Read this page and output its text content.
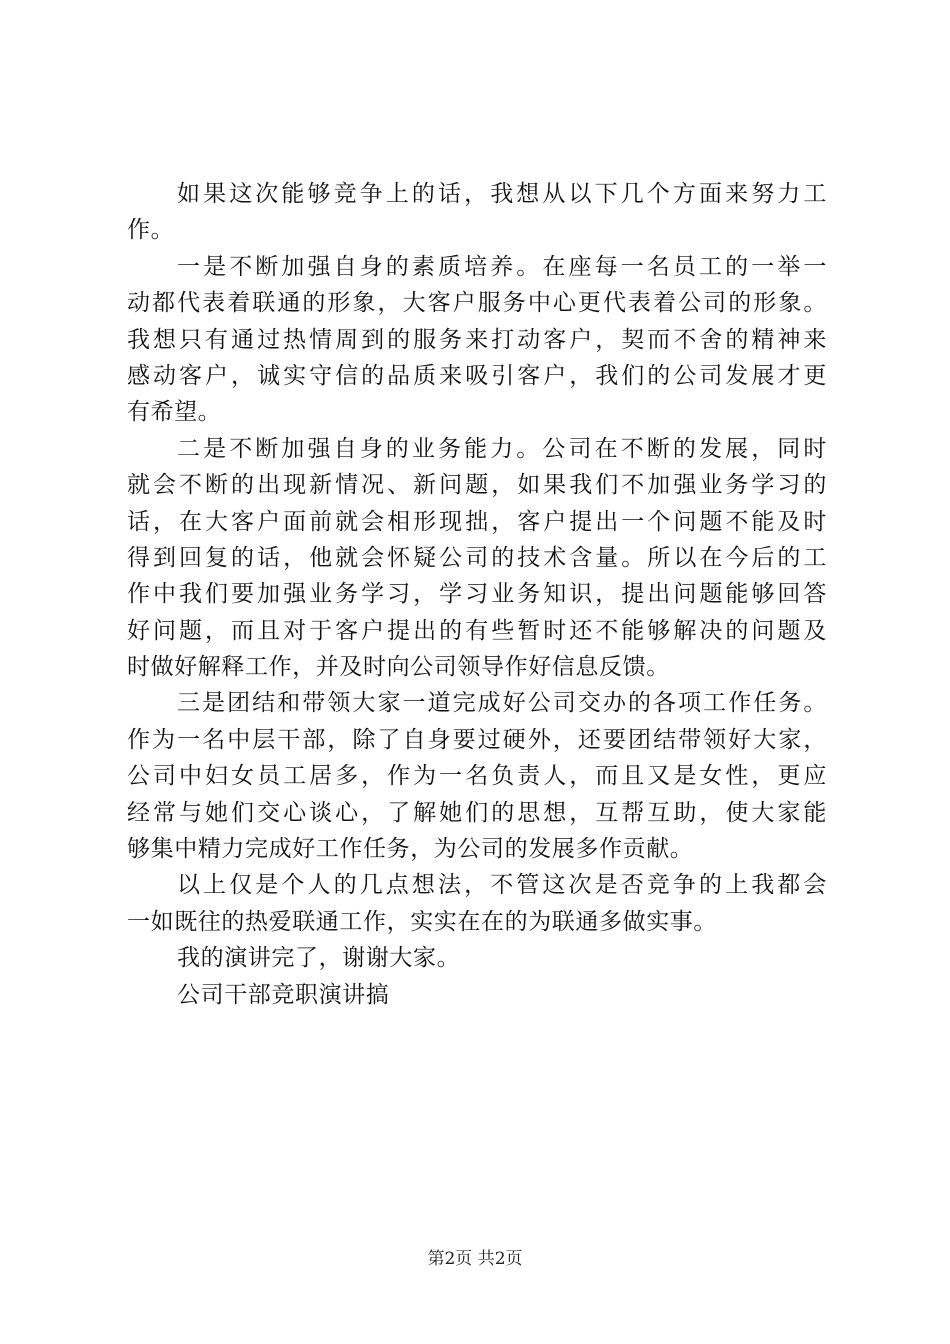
如果这次能够竞争上的话，我想从以下几个方面来努力工
作。
一是不断加强自身的素质培养。在座每一名员工的一举一
动都代表着联通的形象，大客户服务中心更代表着公司的形象。
我想只有通过热情周到的服务来打动客户，契而不舍的精神来
感动客户，诚实守信的品质来吸引客户，我们的公司发展才更
有希望。
二是不断加强自身的业务能力。公司在不断的发展，同时
就会不断的出现新情况、新问题，如果我们不加强业务学习的
话，在大客户面前就会相形现拙，客户提出一个问题不能及时
得到回复的话，他就会怀疑公司的技术含量。所以在今后的工
作中我们要加强业务学习，学习业务知识，提出问题能够回答
好问题，而且对于客户提出的有些暂时还不能够解决的问题及
时做好解释工作，并及时向公司领导作好信息反馈。
三是团结和带领大家一道完成好公司交办的各项工作任务。
作为一名中层干部，除了自身要过硬外，还要团结带领好大家，
公司中妇女员工居多，作为一名负责人，而且又是女性，更应
经常与她们交心谈心，了解她们的思想，互帮互助，使大家能
够集中精力完成好工作任务，为公司的发展多作贡献。
以上仅是个人的几点想法，不管这次是否竞争的上我都会
一如既往的热爱联通工作，实实在在的为联通多做实事。
我的演讲完了，谢谢大家。
公司干部竞职演讲搞
第2页 共2页
